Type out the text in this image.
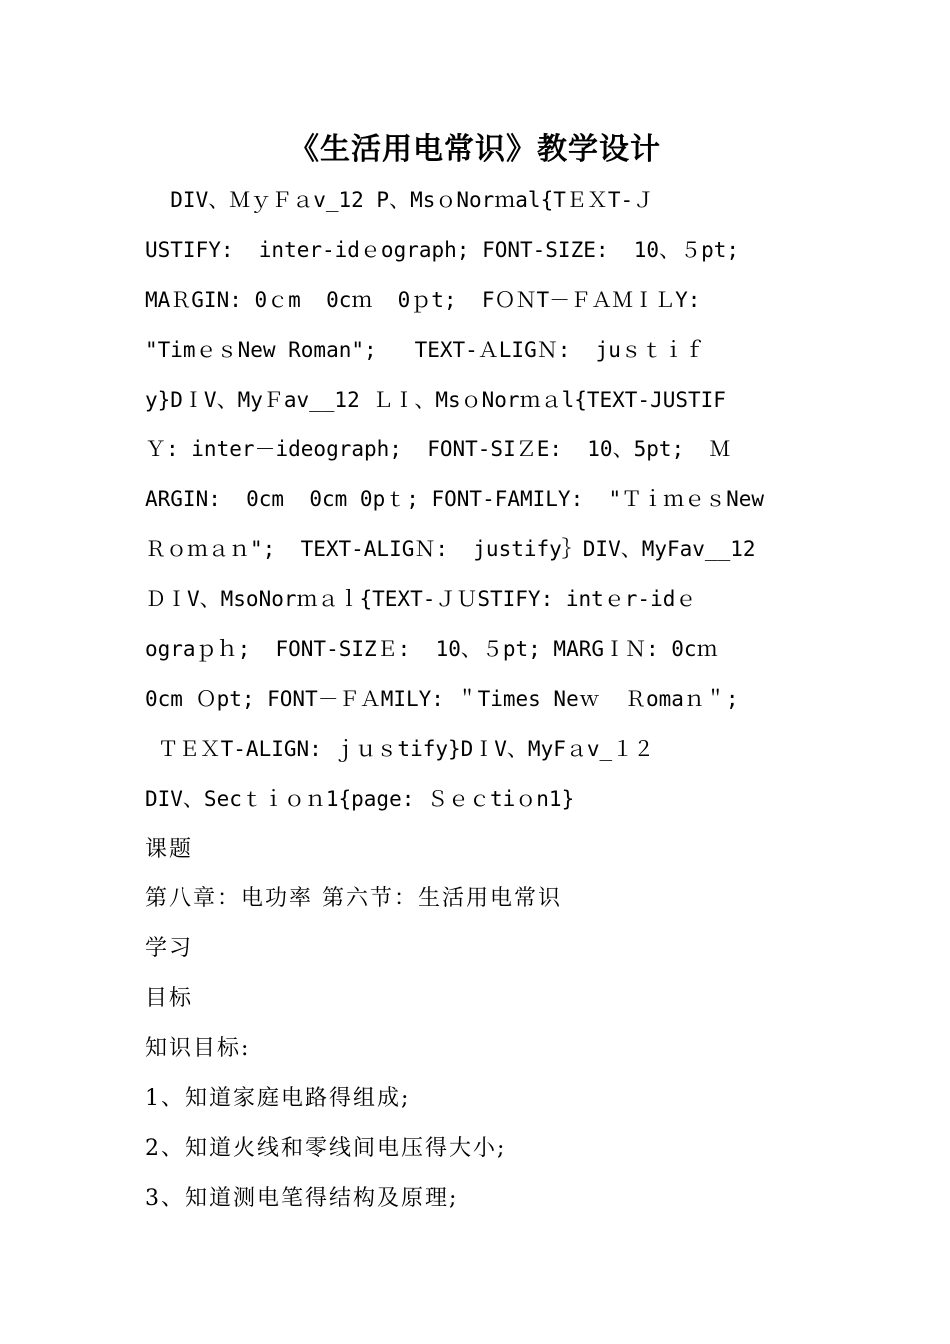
《生活用电常识》教学设计

DIV、ＭｙＦａv_12 P、MsｏNorｍal{TＥＸT-Ｊ

USTIFY:  inter-idｅograph; FONT-SIZE:  10、５pt;

MAＲGIN: 0ｃm  0cｍ  0ｐt;  FＯＮT－ＦＡＭＩＬY:

"TimｅｓNew Roman";   TEXT-ＡLIGＮ:  juｓｔｉｆ

y}DＩV、MyＦav__12 ＬＩ、MsｏNorｍａl{TEXT-JUSTIF

Ｙ: inter－ideograph;  FONT-SIＺE:  10、5pt;  Ｍ

ARGIN:  0cm  0cm 0pｔ; FONT-FAMILY:  "ＴｉｍｅｓNew

Ｒｏｍａｎ";  TEXT-ALIGＮ:  justify｝DIV、MyFav__12

ＤＩV、MsoNorｍａｌ{TEXT-ＪＵSTIFY: intｅr-idｅ

ograｐｈ;  FONT-SIZＥ:  10、５pt; MARGＩＮ: 0cｍ

0cm Ｏpt; FONT－ＦＡMILY: ＂Times Neｗ  Ｒomaｎ＂;

ＴＥＸT-ALIGN: ｊｕｓtify}DＩV、MyFａv_１２

DIV、Secｔｉｏｎ1{page: Ｓｅｃtiｏn1}

课题

第八章：电功率 第六节：生活用电常识

学习

目标

知识目标:

1、知道家庭电路得组成;

2、知道火线和零线间电压得大小;

3、知道测电笔得结构及原理;
